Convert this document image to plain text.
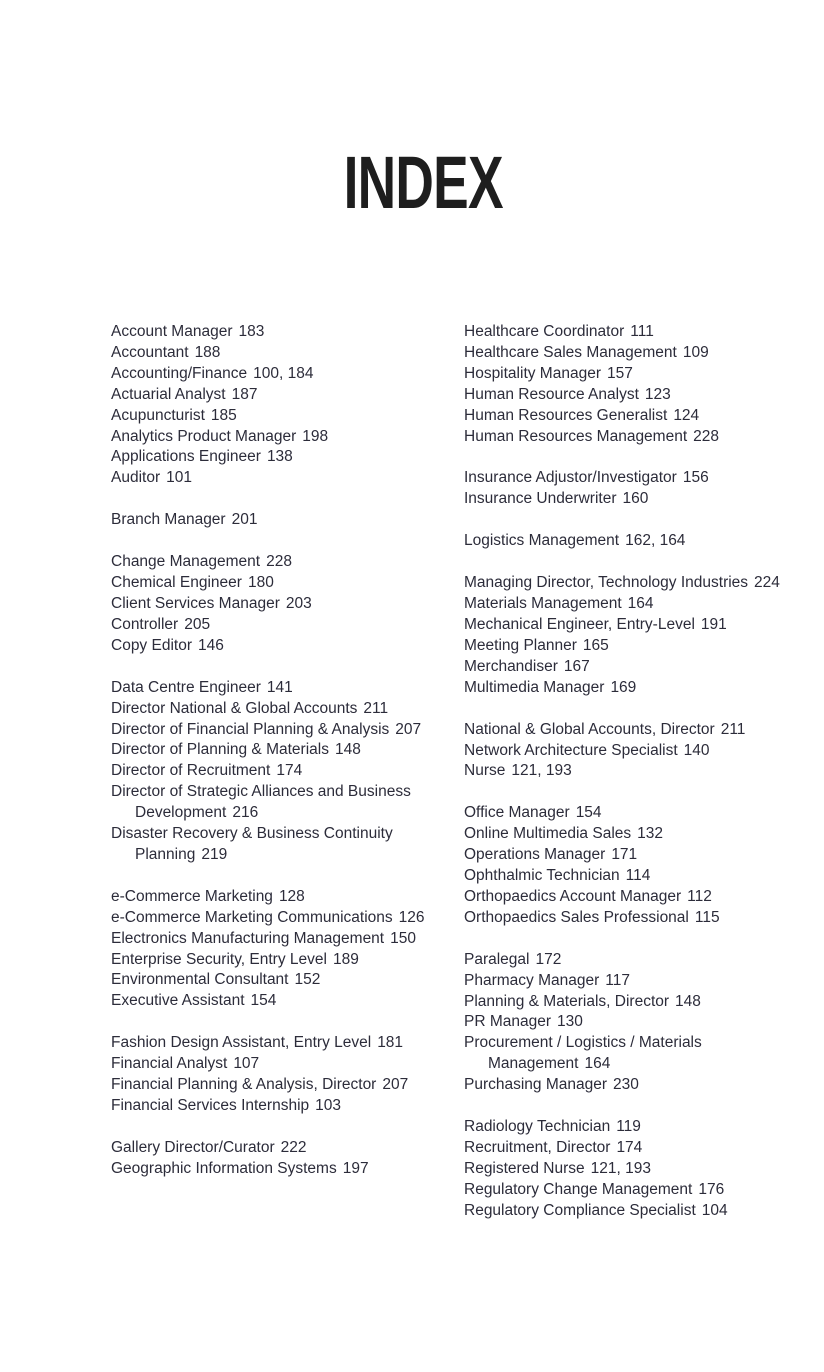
INDEX
Account Manager 183
Accountant 188
Accounting/Finance 100, 184
Actuarial Analyst 187
Acupuncturist 185
Analytics Product Manager 198
Applications Engineer 138
Auditor 101
Branch Manager 201
Change Management 228
Chemical Engineer 180
Client Services Manager 203
Controller 205
Copy Editor 146
Data Centre Engineer 141
Director National & Global Accounts 211
Director of Financial Planning & Analysis 207
Director of Planning & Materials 148
Director of Recruitment 174
Director of Strategic Alliances and Business Development 216
Disaster Recovery & Business Continuity Planning 219
e-Commerce Marketing 128
e-Commerce Marketing Communications 126
Electronics Manufacturing Management 150
Enterprise Security, Entry Level 189
Environmental Consultant 152
Executive Assistant 154
Fashion Design Assistant, Entry Level 181
Financial Analyst 107
Financial Planning & Analysis, Director 207
Financial Services Internship 103
Gallery Director/Curator 222
Geographic Information Systems 197
Healthcare Coordinator 111
Healthcare Sales Management 109
Hospitality Manager 157
Human Resource Analyst 123
Human Resources Generalist 124
Human Resources Management 228
Insurance Adjustor/Investigator 156
Insurance Underwriter 160
Logistics Management 162, 164
Managing Director, Technology Industries 224
Materials Management 164
Mechanical Engineer, Entry-Level 191
Meeting Planner 165
Merchandiser 167
Multimedia Manager 169
National & Global Accounts, Director 211
Network Architecture Specialist 140
Nurse 121, 193
Office Manager 154
Online Multimedia Sales 132
Operations Manager 171
Ophthalmic Technician 114
Orthopaedics Account Manager 112
Orthopaedics Sales Professional 115
Paralegal 172
Pharmacy Manager 117
Planning & Materials, Director 148
PR Manager 130
Procurement / Logistics / Materials Management 164
Purchasing Manager 230
Radiology Technician 119
Recruitment, Director 174
Registered Nurse 121, 193
Regulatory Change Management 176
Regulatory Compliance Specialist 104
